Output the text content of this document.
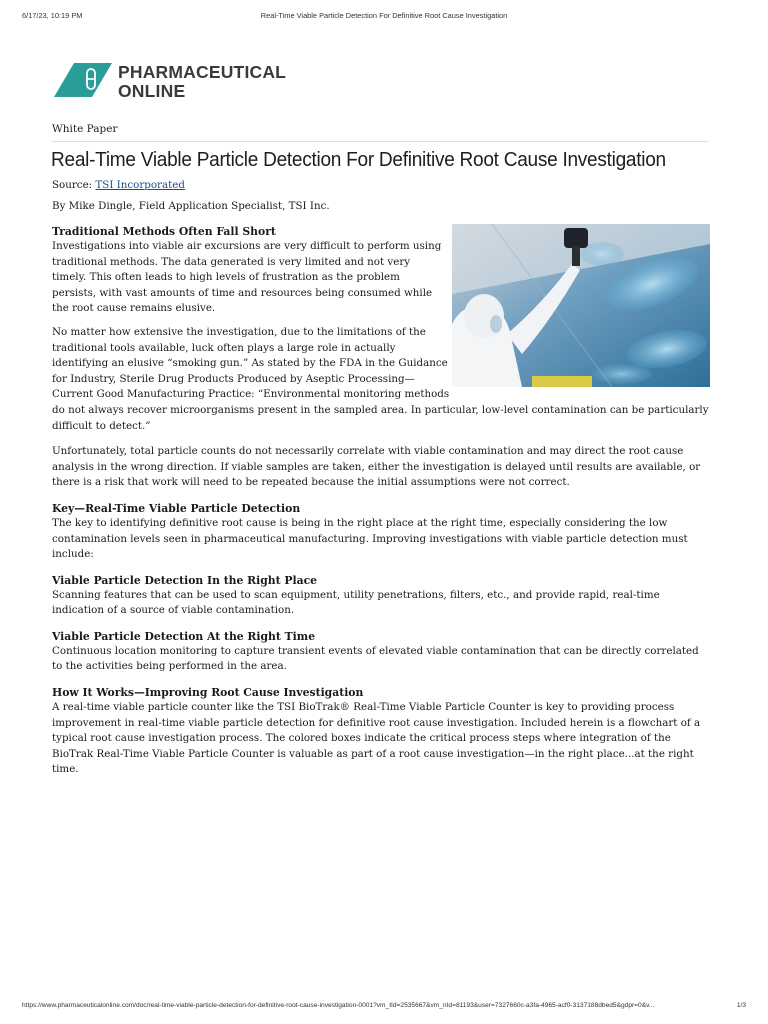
6/17/23, 10:19 PM	Real-Time Viable Particle Detection For Definitive Root Cause Investigation
PHARMACEUTICAL
ONLINE
White Paper
Real-Time Viable Particle Detection For Definitive Root Cause Investigation
Source: TSI Incorporated
By Mike Dingle, Field Application Specialist, TSI Inc.
Traditional Methods Often Fall Short

Investigations into viable air excursions are very difficult to perform using traditional methods. The data generated is very limited and not very timely. This often leads to high levels of frustration as the problem persists, with vast amounts of time and resources being consumed while the root cause remains elusive.

No matter how extensive the investigation, due to the limitations of the traditional tools available, luck often plays a large role in actually identifying an elusive “smoking gun.” As stated by the FDA in the Guidance for Industry, Sterile Drug Products Produced by Aseptic Processing—Current Good Manufacturing Practice: “Environmental monitoring methods do not always recover microorganisms present in the sampled area. In particular, low-level contamination can be particularly difficult to detect.”

Unfortunately, total particle counts do not necessarily correlate with viable contamination and may direct the root cause analysis in the wrong direction. If viable samples are taken, either the investigation is delayed until results are available, or there is a risk that work will need to be repeated because the initial assumptions were not correct.

Key—Real-Time Viable Particle Detection

The key to identifying definitive root cause is being in the right place at the right time, especially considering the low contamination levels seen in pharmaceutical manufacturing. Improving investigations with viable particle detection must include:

Viable Particle Detection In the Right Place

Scanning features that can be used to scan equipment, utility penetrations, filters, etc., and provide rapid, real-time indication of a source of viable contamination.

Viable Particle Detection At the Right Time

Continuous location monitoring to capture transient events of elevated viable contamination that can be directly correlated to the activities being performed in the area.

How It Works—Improving Root Cause Investigation

A real-time viable particle counter like the TSI BioTrak® Real-Time Viable Particle Counter is key to providing process improvement in real-time viable particle detection for definitive root cause investigation. Included herein is a flowchart of a typical root cause investigation process. The colored boxes indicate the critical process steps where integration of the BioTrak Real-Time Viable Particle Counter is valuable as part of a root cause investigation—in the right place...at the right time.

https://www.pharmaceuticalonline.com/doc/real-time-viable-particle-detection-for-definitive-root-cause-investigation-0001?vm_tId=2535667&vm_nId=81193&user=7327660c-a3fa-4965-acf0-3137188dbed5&gdpr=0&v...	1/3
